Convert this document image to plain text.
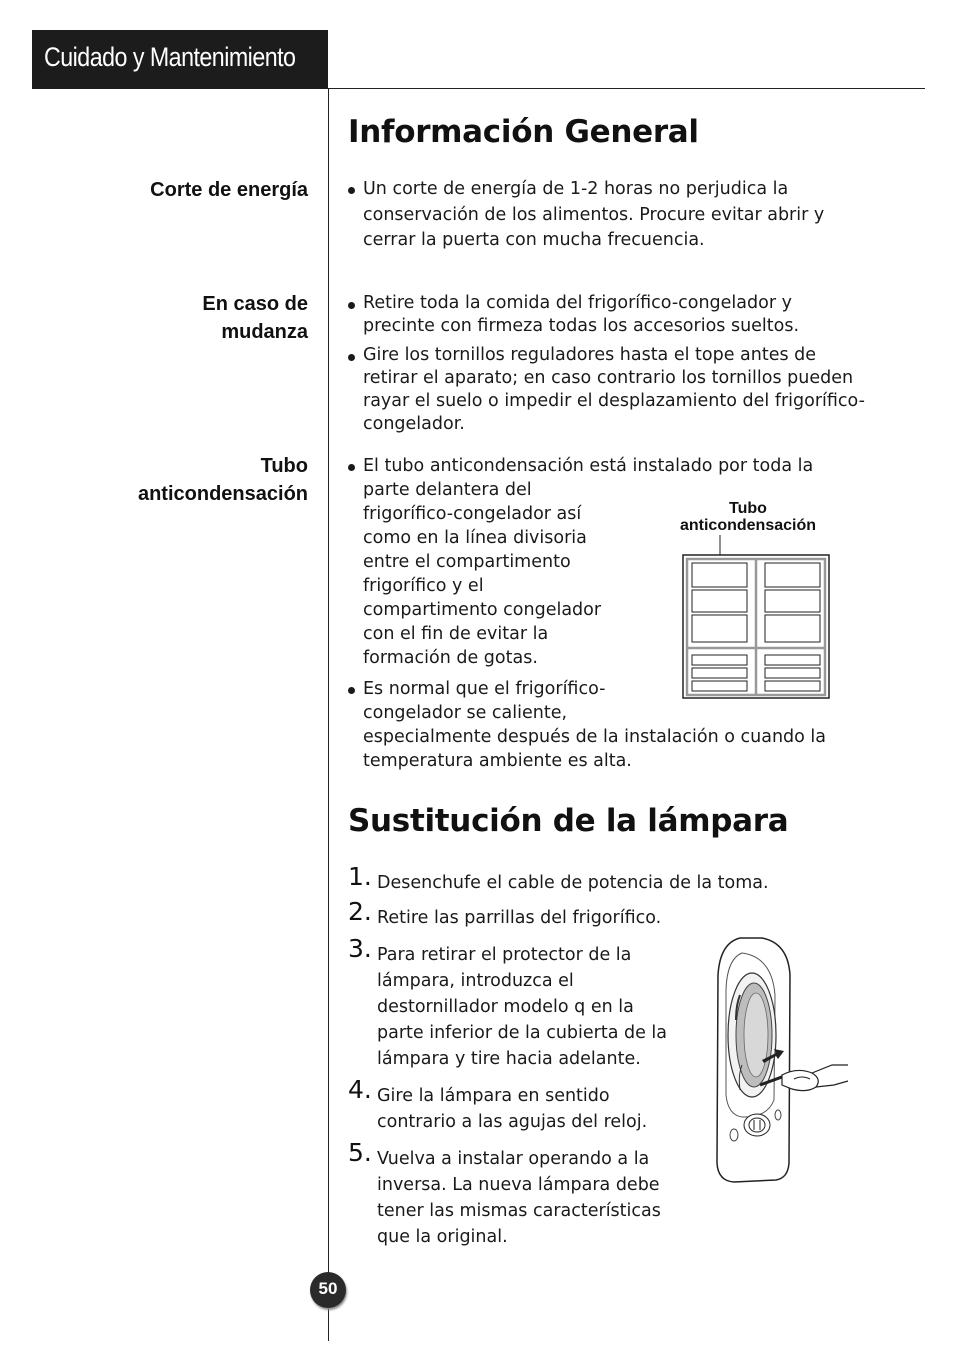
Cuidado y Mantenimiento
Información General
Corte de energía	Un corte de energía de 1-2 horas no perjudica la conservación de los alimentos. Procure evitar abrir y cerrar la puerta con mucha frecuencia.
En caso de
mudanza
Retire toda la comida del frigorífico-congelador y precinte con firmeza todas los accesorios sueltos.
Gire los tornillos reguladores hasta el tope antes de retirar el aparato; en caso contrario los tornillos pueden rayar el suelo o impedir el desplazamiento del frigorífico-congelador.
Tubo
anticondensación
El tubo anticondensación está instalado por toda la
parte delantera del frigorífico-congelador así como en la línea divisoria entre el compartimento frigorífico y el compartimento congelador con el fin de evitar la formación de gotas.
Es normal que el frigorífico- congelador se caliente,
especialmente después de la instalación o cuando la temperatura ambiente es alta.
Tubo
anticondensación
Sustitución de la lámpara
1. Desenchufe el cable de potencia de la toma.
2. Retire las parrillas del frigorífico.
3. Para retirar el protector de la lámpara, introduzca el destornillador modelo q en la parte inferior de la cubierta de la lámpara y tire hacia adelante.
4. Gire la lámpara en sentido contrario a las agujas del reloj.
5. Vuelva a instalar operando a la inversa. La nueva lámpara debe tener las mismas características que la original.
50
